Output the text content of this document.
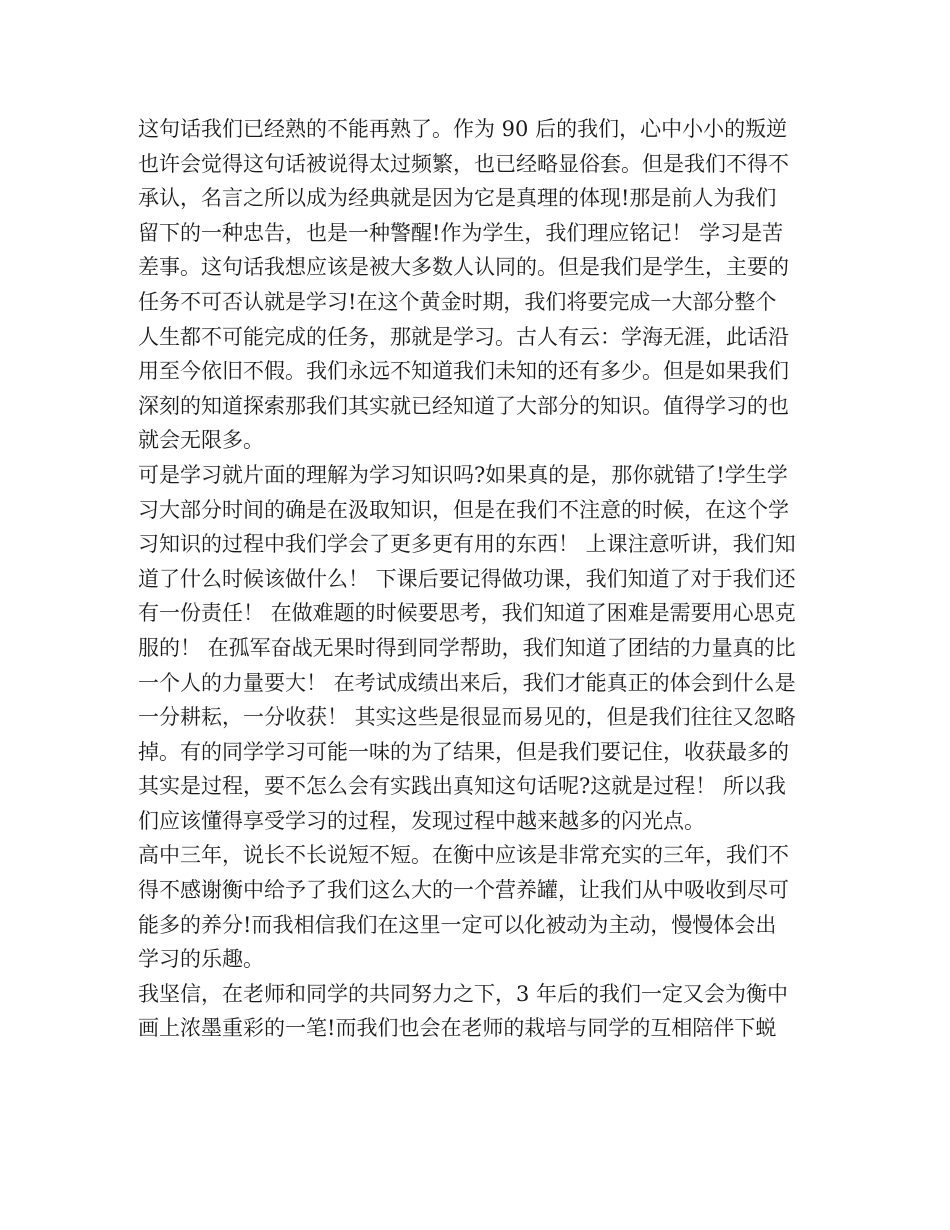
这句话我们已经熟的不能再熟了。作为 90 后的我们，心中小小的叛逆
也许会觉得这句话被说得太过频繁，也已经略显俗套。但是我们不得不
承认，名言之所以成为经典就是因为它是真理的体现!那是前人为我们
留下的一种忠告，也是一种警醒!作为学生，我们理应铭记！ 学习是苦
差事。这句话我想应该是被大多数人认同的。但是我们是学生，主要的
任务不可否认就是学习!在这个黄金时期，我们将要完成一大部分整个
人生都不可能完成的任务，那就是学习。古人有云：学海无涯，此话沿
用至今依旧不假。我们永远不知道我们未知的还有多少。但是如果我们
深刻的知道探索那我们其实就已经知道了大部分的知识。值得学习的也
就会无限多。
可是学习就片面的理解为学习知识吗?如果真的是，那你就错了!学生学
习大部分时间的确是在汲取知识，但是在我们不注意的时候，在这个学
习知识的过程中我们学会了更多更有用的东西！ 上课注意听讲，我们知
道了什么时候该做什么！ 下课后要记得做功课，我们知道了对于我们还
有一份责任！ 在做难题的时候要思考，我们知道了困难是需要用心思克
服的！ 在孤军奋战无果时得到同学帮助，我们知道了团结的力量真的比
一个人的力量要大！ 在考试成绩出来后，我们才能真正的体会到什么是
一分耕耘，一分收获！ 其实这些是很显而易见的，但是我们往往又忽略
掉。有的同学学习可能一味的为了结果，但是我们要记住，收获最多的
其实是过程，要不怎么会有实践出真知这句话呢?这就是过程！ 所以我
们应该懂得享受学习的过程，发现过程中越来越多的闪光点。
高中三年，说长不长说短不短。在衡中应该是非常充实的三年，我们不
得不感谢衡中给予了我们这么大的一个营养罐，让我们从中吸收到尽可
能多的养分!而我相信我们在这里一定可以化被动为主动，慢慢体会出
学习的乐趣。
我坚信，在老师和同学的共同努力之下，3 年后的我们一定又会为衡中
画上浓墨重彩的一笔!而我们也会在老师的栽培与同学的互相陪伴下蜕
